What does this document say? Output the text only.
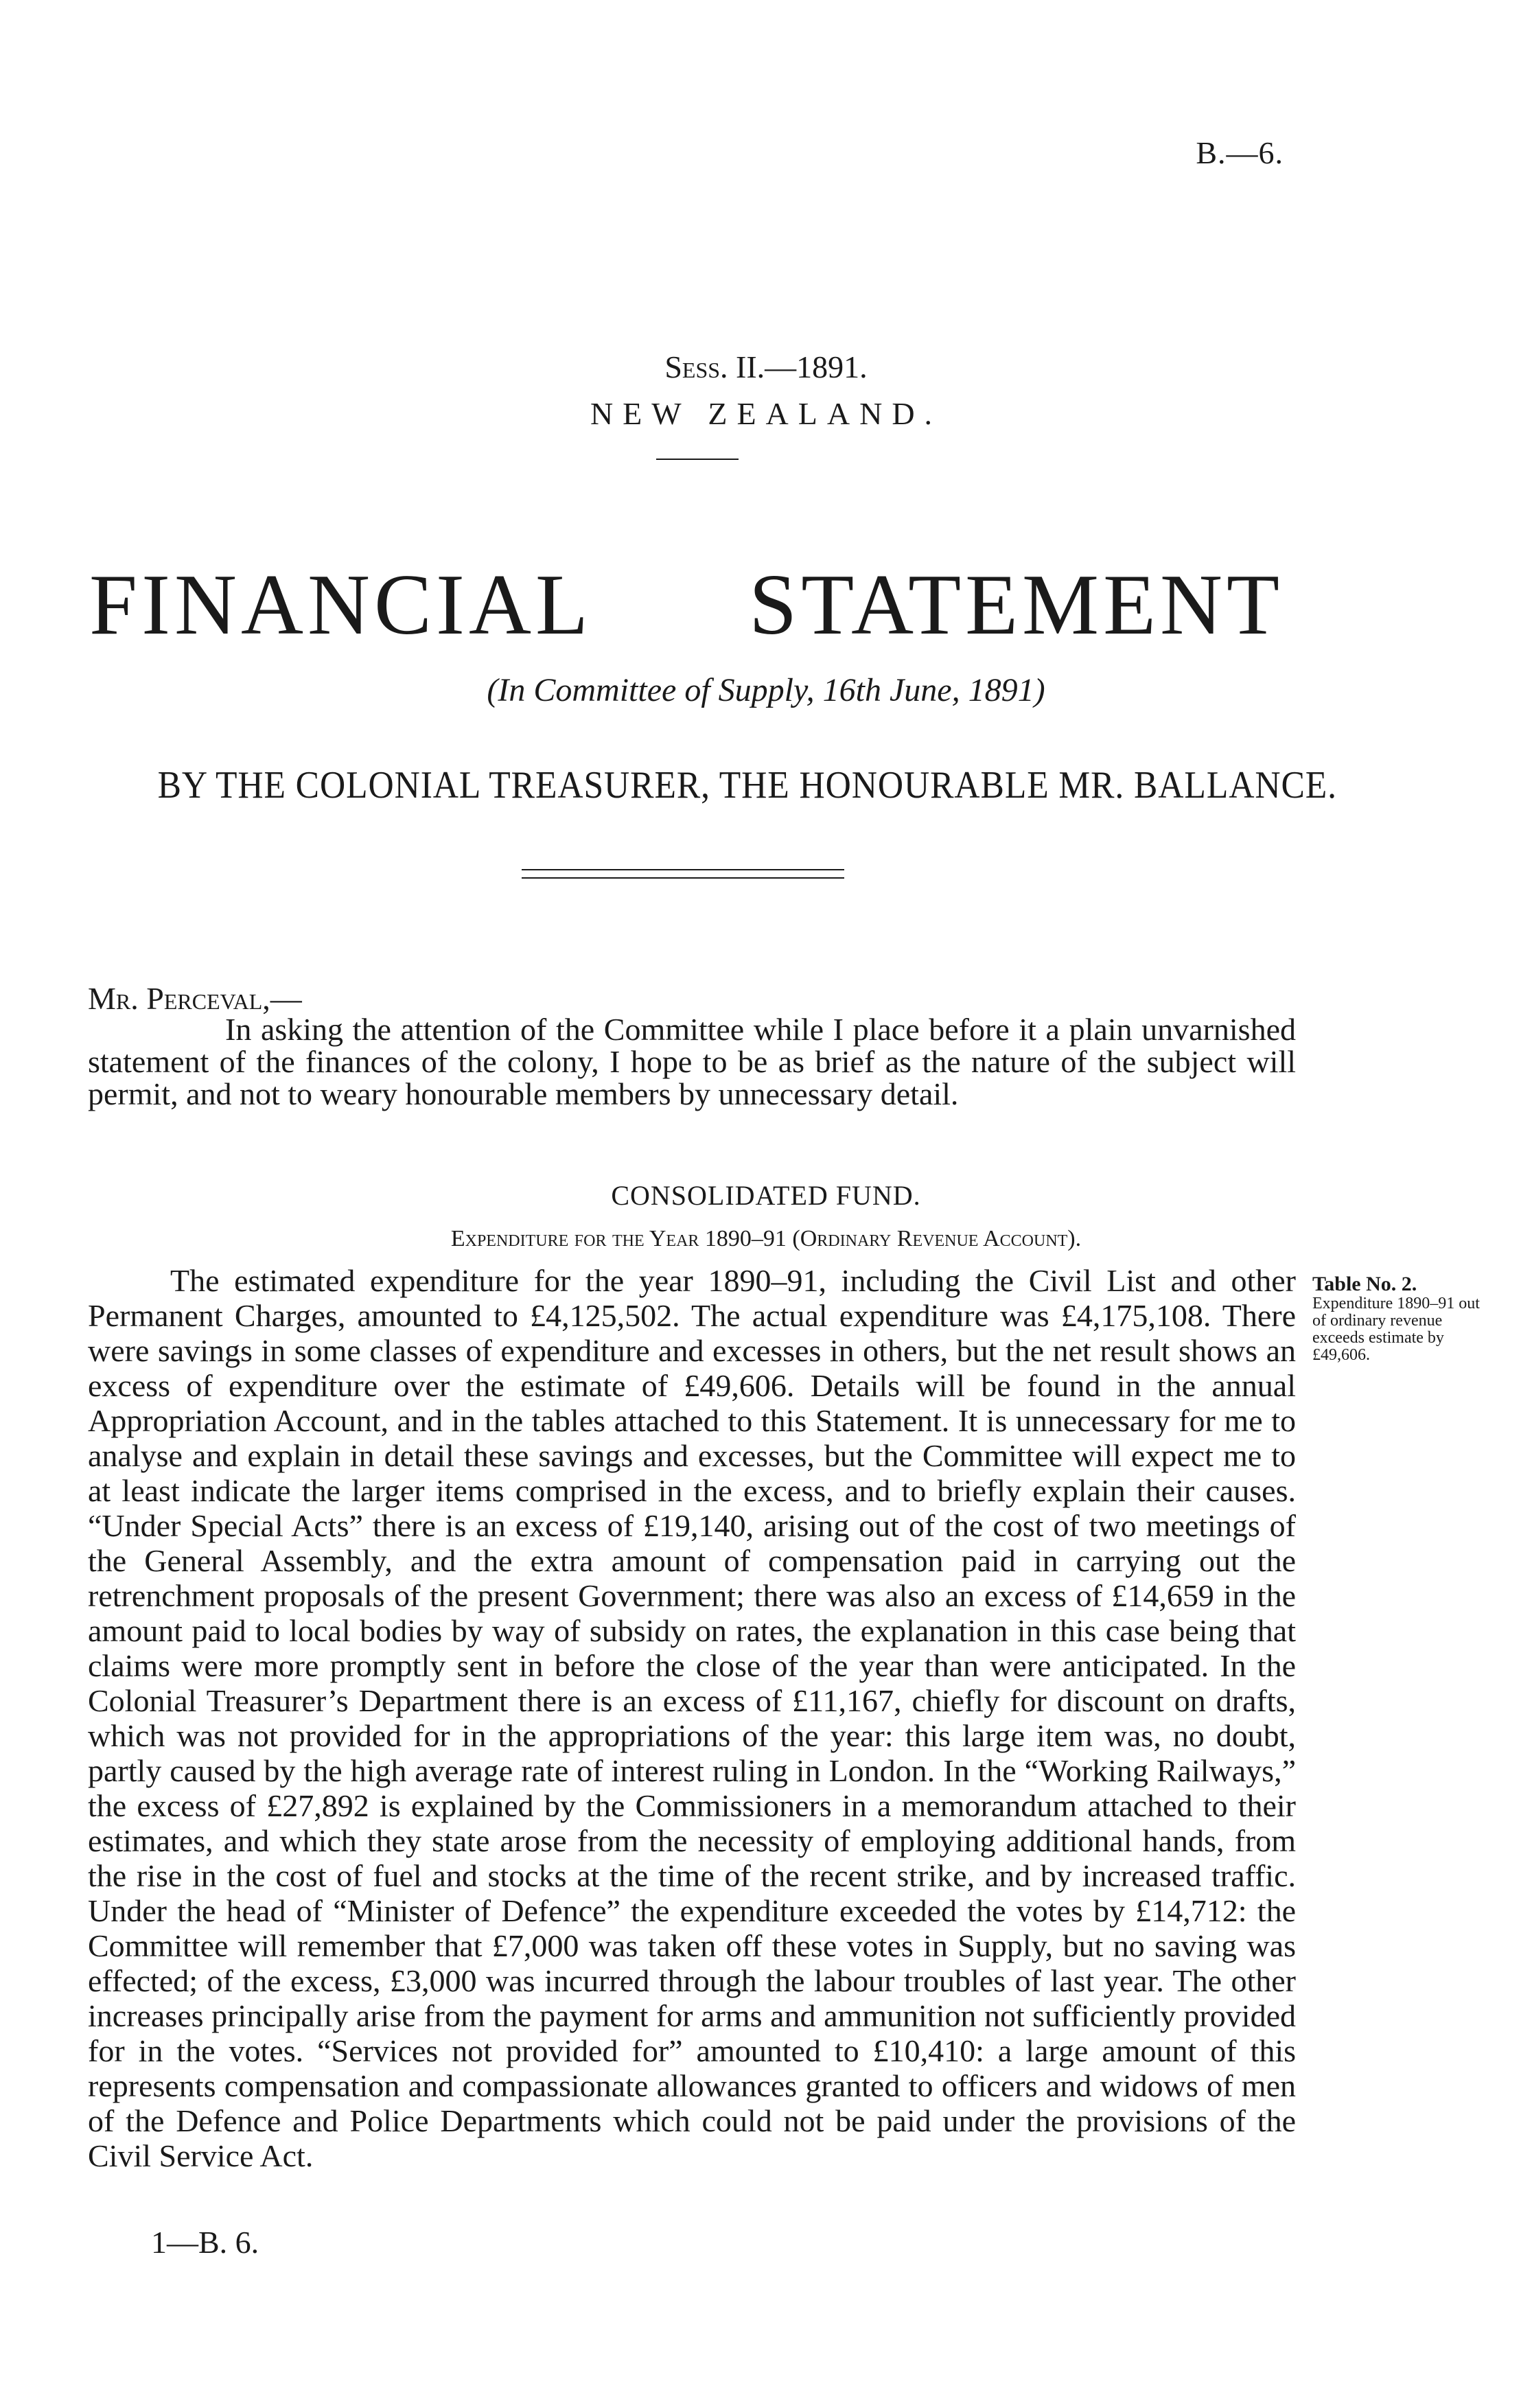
B.—6.
Sess. II.—1891.
NEW ZEALAND.
FINANCIAL STATEMENT
(In Committee of Supply, 16th June, 1891)
BY THE COLONIAL TREASURER, THE HONOURABLE MR. BALLANCE.
Mr. Perceval,—

In asking the attention of the Committee while I place before it a plain unvarnished statement of the finances of the colony, I hope to be as brief as the nature of the subject will permit, and not to weary honourable members by unnecessary detail.

CONSOLIDATED FUND.
Expenditure for the Year 1890–91 (Ordinary Revenue Account).

The estimated expenditure for the year 1890–91, including the Civil List and other Permanent Charges, amounted to £4,125,502. The actual expenditure was £4,175,108. There were savings in some classes of expenditure and excesses in others, but the net result shows an excess of expenditure over the estimate of £49,606. Details will be found in the annual Appropriation Account, and in the tables attached to this Statement. It is unnecessary for me to analyse and explain in detail these savings and excesses, but the Committee will expect me to at least indicate the larger items comprised in the excess, and to briefly explain their causes. “Under Special Acts” there is an excess of £19,140, arising out of the cost of two meetings of the General Assembly, and the extra amount of compensation paid in carrying out the retrenchment proposals of the present Government; there was also an excess of £14,659 in the amount paid to local bodies by way of subsidy on rates, the explanation in this case being that claims were more promptly sent in before the close of the year than were anticipated. In the Colonial Treasurer’s Department there is an excess of £11,167, chiefly for discount on drafts, which was not provided for in the appropriations of the year: this large item was, no doubt, partly caused by the high average rate of interest ruling in London. In the “Working Railways,” the excess of £27,892 is explained by the Commissioners in a memorandum attached to their estimates, and which they state arose from the necessity of employing additional hands, from the rise in the cost of fuel and stocks at the time of the recent strike, and by increased traffic. Under the head of “Minister of Defence” the expenditure exceeded the votes by £14,712: the Committee will remember that £7,000 was taken off these votes in Supply, but no saving was effected; of the excess, £3,000 was incurred through the labour troubles of last year. The other increases principally arise from the payment for arms and ammunition not sufficiently provided for in the votes. “Services not provided for” amounted to £10,410: a large amount of this represents compensation and compassionate allowances granted to officers and widows of men of the Defence and Police Departments which could not be paid under the provisions of the Civil Service Act.

Table No. 2.
Expenditure 1890–91 out of ordinary revenue exceeds estimate by £49,606.
1—B. 6.
